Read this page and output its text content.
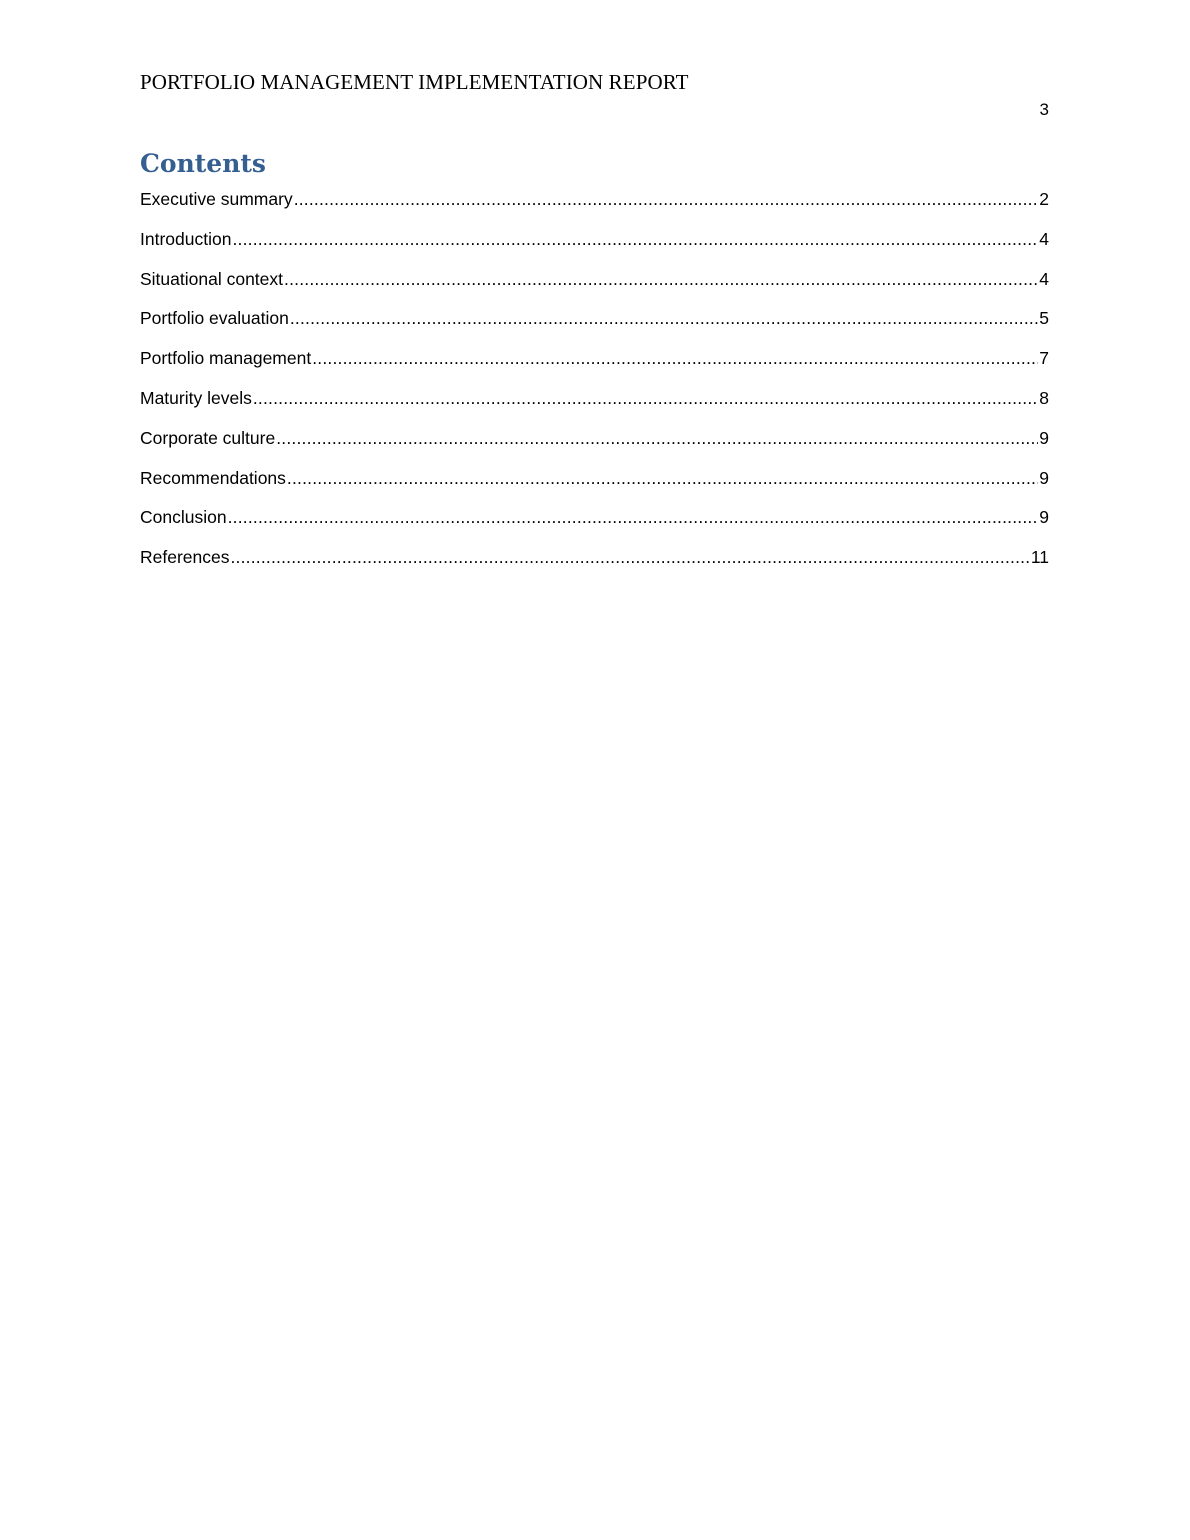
PORTFOLIO MANAGEMENT IMPLEMENTATION REPORT
3
Contents
Executive summary .....	2
Introduction .....	4
Situational context .....	4
Portfolio evaluation .....	5
Portfolio management .....	7
Maturity levels .....	8
Corporate culture .....	9
Recommendations .....	9
Conclusion .....	9
References .....	11
